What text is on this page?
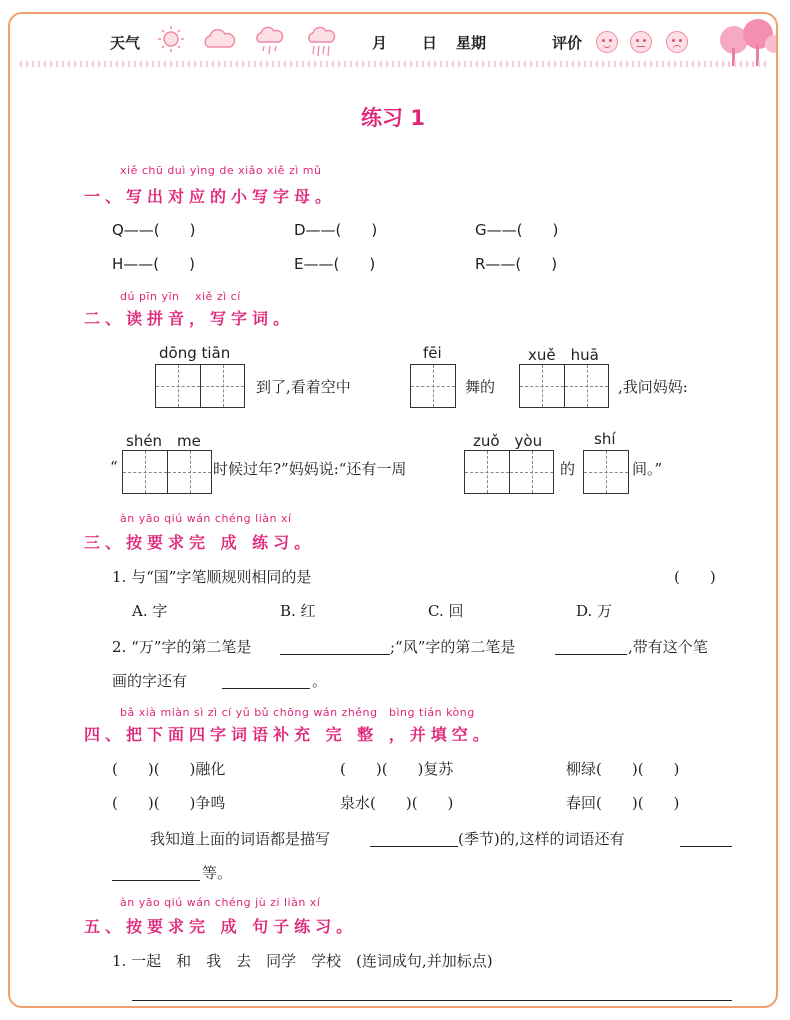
天气	月 日 星期	评价
练习 1
xiě chū duì yìng de xiǎo xiě zì mǔ
一、写出对应的小写字母。
Q——(　　)	D——(　　)	G——(　　)
H——(　　)	E——(　　)	R——(　　)
dú pīn yīn　 xiě zì cí
二、读拼音，写字词。
dōng tiān
到了,看着空中
fēi
舞的
xuě　huā
,我问妈妈:
shén　me
“	时候过年?”妈妈说:“还有一周
zuǒ　yòu
的
shí
间。”
àn yāo qiú wán chéng liàn xí
三、按要求完 成 练习。
1. 与“国”字笔顺规则相同的是	(　　)
A. 字	B. 红	C. 回	D. 万
2. “万”字的第二笔是	;“风”字的第二笔是	,带有这个笔
画的字还有	。
bǎ xià miàn sì zì cí yǔ bǔ chōng wán zhěng　bìng tián kòng
四、把下面四字词语补充 完 整 ，并填空。
(　　)(　　)融化	(　　)(　　)复苏	柳绿(　　)(　　)
(　　)(　　)争鸣	泉水(　　)(　　)	春回(　　)(　　)
我知道上面的词语都是描写	(季节)的,这样的词语还有
等。
àn yāo qiú wán chéng jù zi liàn xí
五、按要求完 成 句子练习。
1. 一起　和　我　去　同学　学校　(连词成句,并加标点)
